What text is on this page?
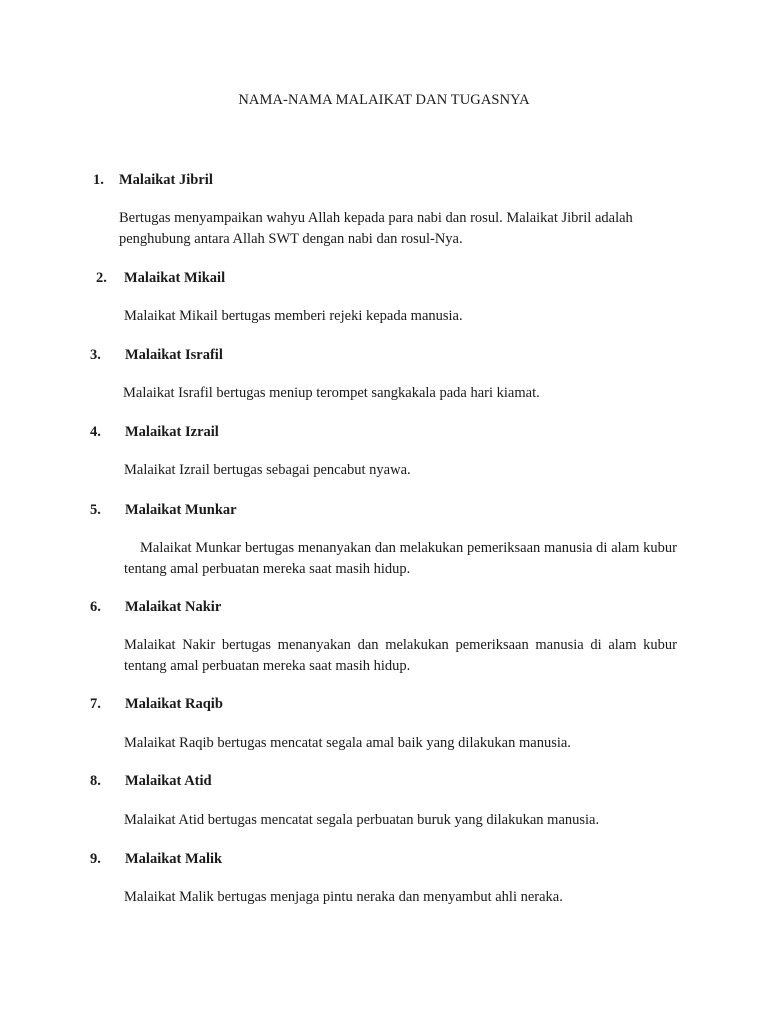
NAMA-NAMA MALAIKAT DAN TUGASNYA
1. Malaikat Jibril
Bertugas menyampaikan wahyu Allah kepada para nabi dan rosul. Malaikat Jibril adalah penghubung antara Allah SWT dengan nabi dan rosul-Nya.
2. Malaikat Mikail
Malaikat Mikail bertugas memberi rejeki kepada manusia.
3. Malaikat Israfil
Malaikat Israfil bertugas meniup terompet sangkakala pada hari kiamat.
4. Malaikat Izrail
Malaikat Izrail bertugas sebagai pencabut nyawa.
5. Malaikat Munkar
Malaikat Munkar bertugas menanyakan dan melakukan pemeriksaan manusia di alam kubur tentang amal perbuatan mereka saat masih hidup.
6. Malaikat Nakir
Malaikat Nakir bertugas menanyakan dan melakukan pemeriksaan manusia di alam kubur tentang amal perbuatan mereka saat masih hidup.
7. Malaikat Raqib
Malaikat Raqib bertugas mencatat segala amal baik yang dilakukan manusia.
8. Malaikat Atid
Malaikat Atid bertugas mencatat segala perbuatan buruk yang dilakukan manusia.
9. Malaikat Malik
Malaikat Malik bertugas menjaga pintu neraka dan menyambut ahli neraka.
